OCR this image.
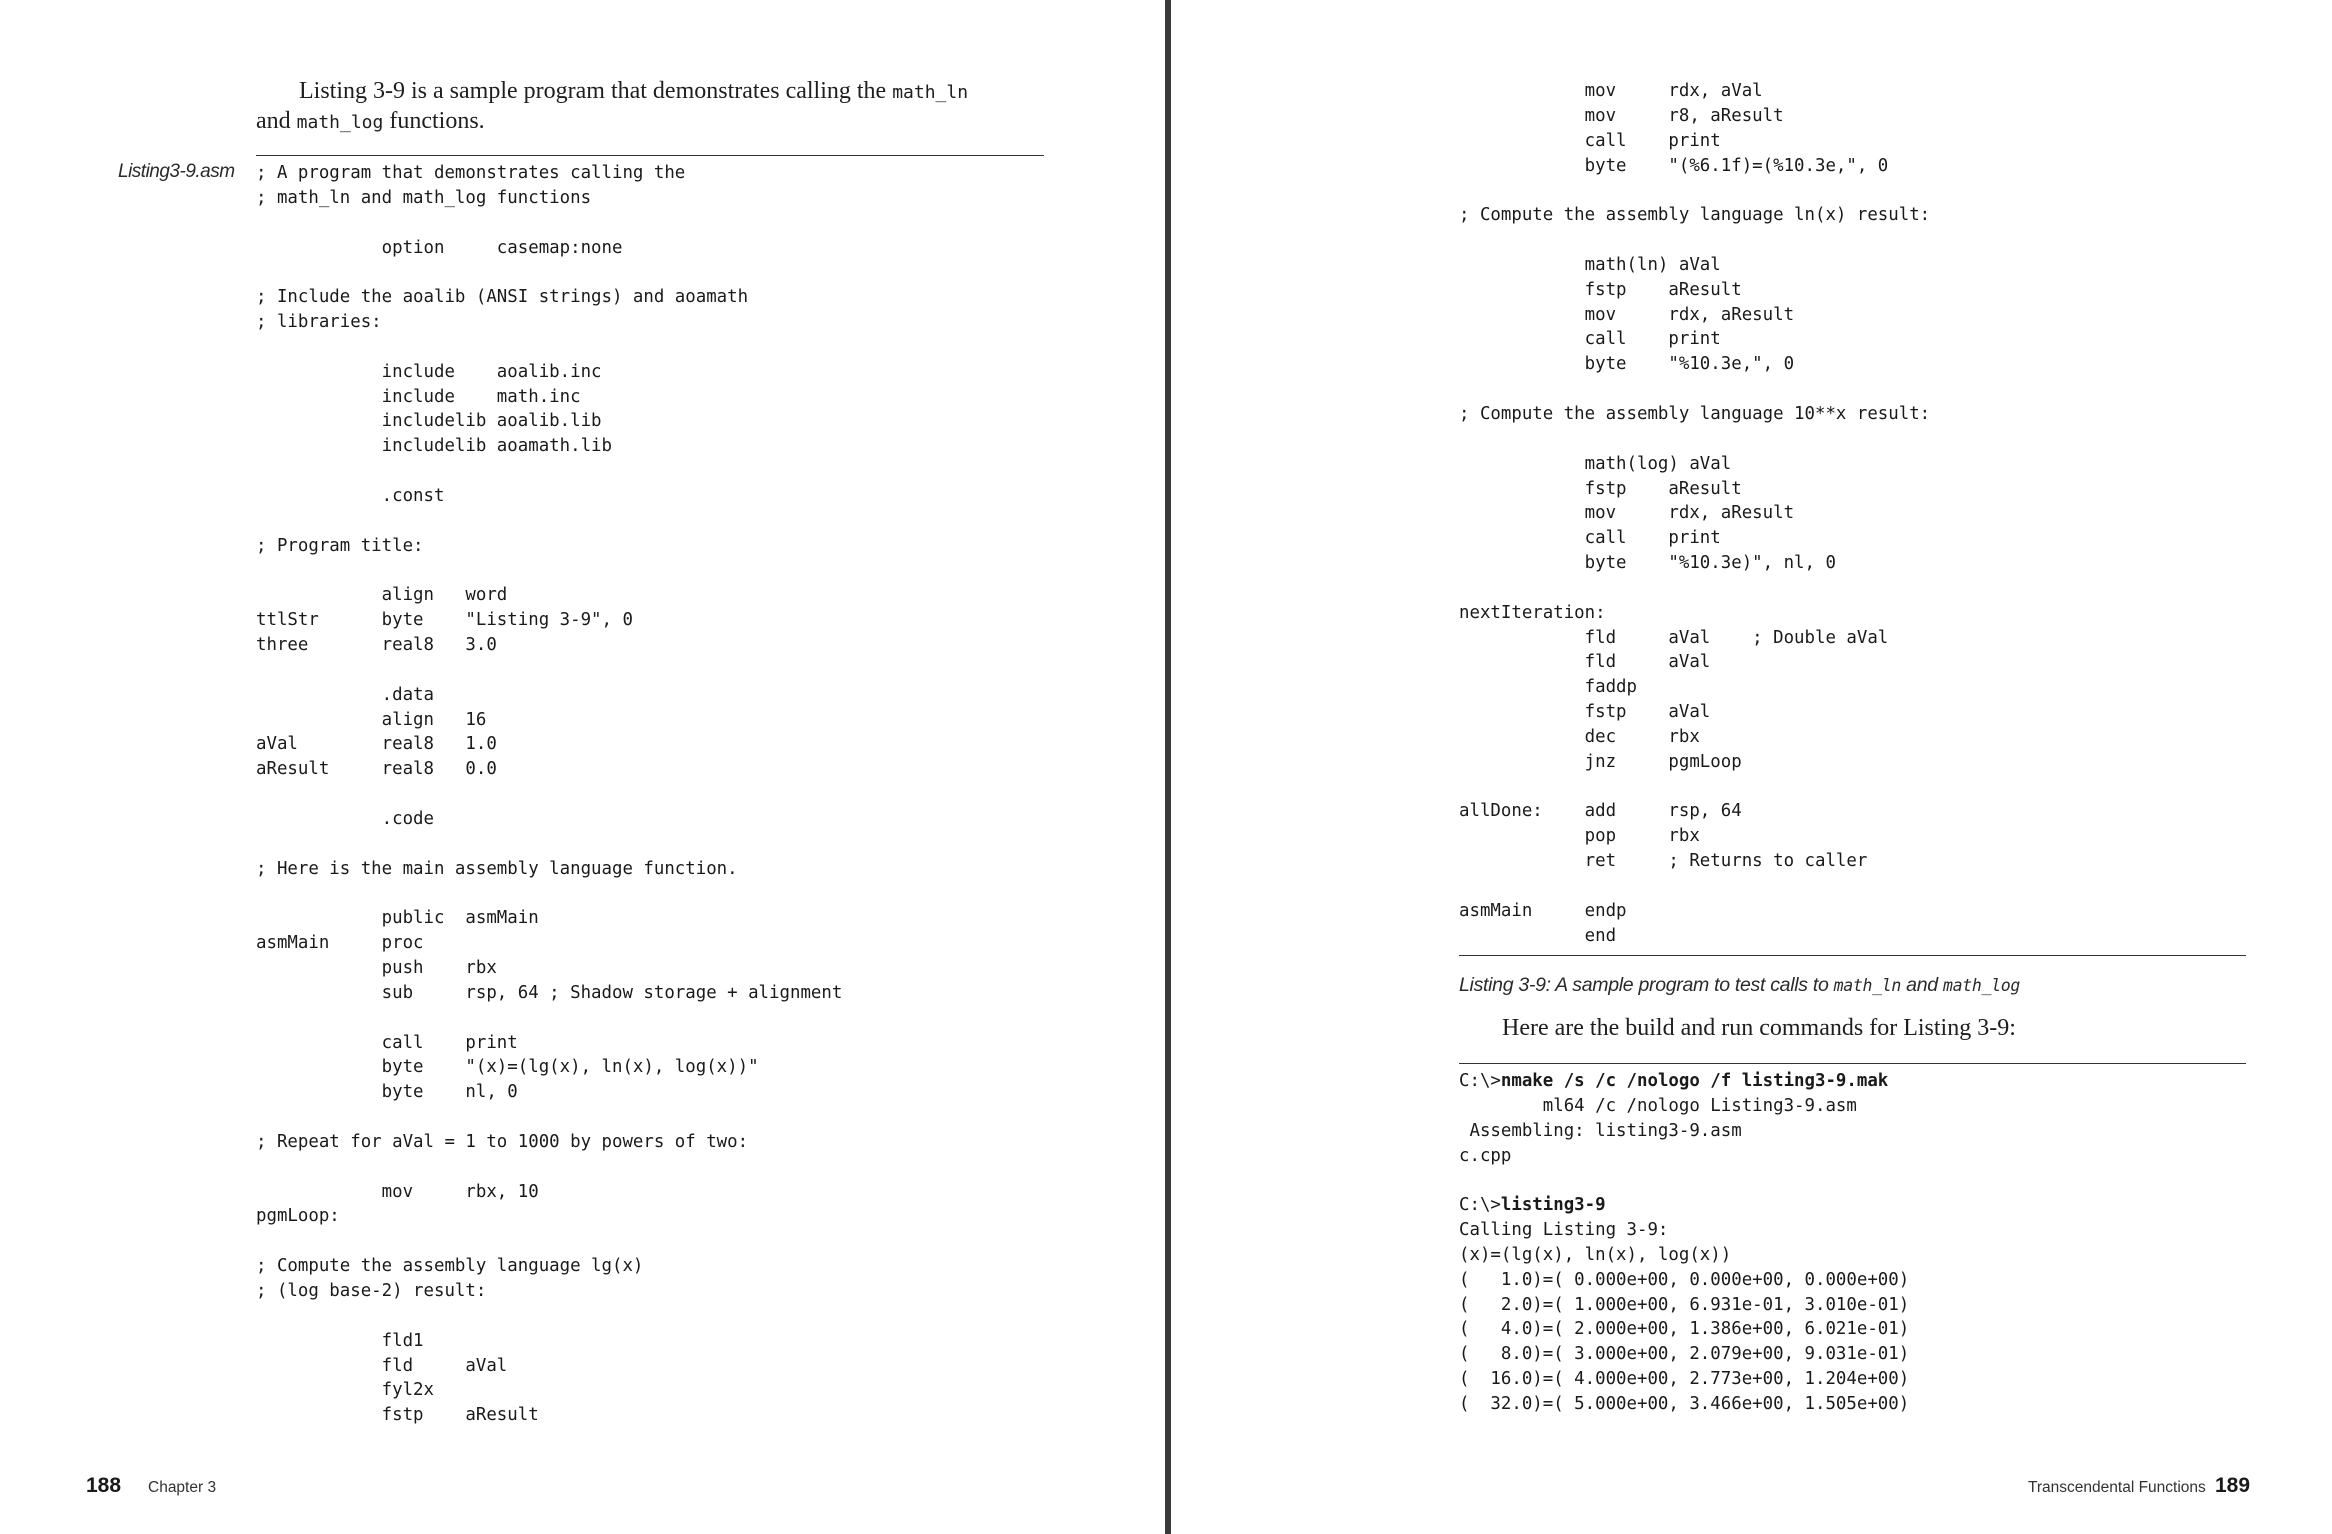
Listing 3-9 is a sample program that demonstrates calling the math_ln
and math_log functions.

Listing3-9.asm ; A program that demonstrates calling the
; math_ln and math_log functions
option     casemap:none
; Include the aoalib (ANSI strings) and aoamath
; libraries:
include    aoalib.inc
include    math.inc
includelib aoalib.lib
includelib aoamath.lib
.const
; Program title:
align   word
ttlStr      byte    "Listing 3-9", 0
three       real8   3.0
.data
align   16
aVal        real8   1.0
aResult     real8   0.0
.code
; Here is the main assembly language function.
public  asmMain
asmMain     proc
push    rbx
sub     rsp, 64 ; Shadow storage + alignment
call    print
byte    "(x)=(lg(x), ln(x), log(x))"
byte    nl, 0
; Repeat for aVal = 1 to 1000 by powers of two:
mov     rbx, 10
pgmLoop:
; Compute the assembly language lg(x)
; (log base-2) result:
fld1
fld     aVal
fyl2x
fstp    aResult
188 Chapter 3
mov     rdx, aVal
mov     r8, aResult
call    print
byte    "(%6.1f)=(%10.3e,", 0
; Compute the assembly language ln(x) result:
math(ln) aVal
fstp    aResult
mov     rdx, aResult
call    print
byte    "%10.3e,", 0
; Compute the assembly language 10**x result:
math(log) aVal
fstp    aResult
mov     rdx, aResult
call    print
byte    "%10.3e)", nl, 0
nextIteration:
fld     aVal    ; Double aVal
fld     aVal
faddp
fstp    aVal
dec     rbx
jnz     pgmLoop
allDone:    add     rsp, 64
pop     rbx
ret     ; Returns to caller
asmMain     endp
end
Listing 3-9: A sample program to test calls to math_ln and math_log

Here are the build and run commands for Listing 3-9:

C:\>nmake /s /c /nologo /f listing3-9.mak
ml64 /c /nologo Listing3-9.asm
Assembling: listing3-9.asm
c.cpp
C:\>listing3-9
Calling Listing 3-9:
(x)=(lg(x), ln(x), log(x))
(   1.0)=( 0.000e+00, 0.000e+00, 0.000e+00)
(   2.0)=( 1.000e+00, 6.931e-01, 3.010e-01)
(   4.0)=( 2.000e+00, 1.386e+00, 6.021e-01)
(   8.0)=( 3.000e+00, 2.079e+00, 9.031e-01)
(  16.0)=( 4.000e+00, 2.773e+00, 1.204e+00)
(  32.0)=( 5.000e+00, 3.466e+00, 1.505e+00)
Transcendental Functions 189
